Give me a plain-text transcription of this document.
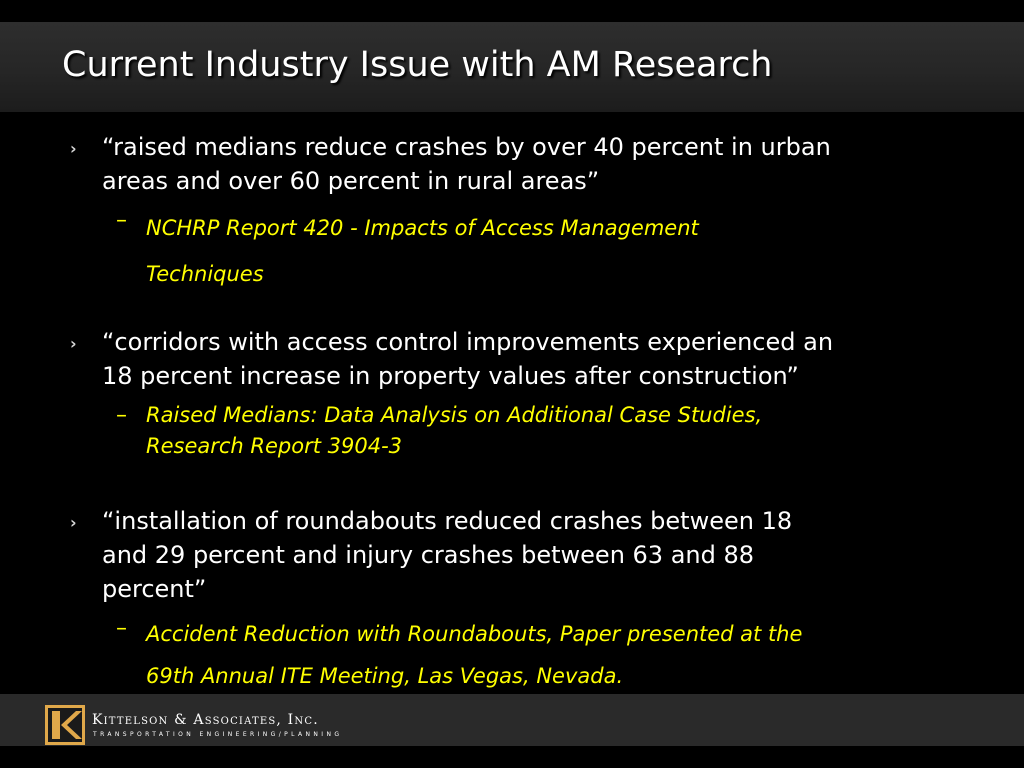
Current Industry Issue with AM Research
› “raised medians reduce crashes by over 40 percent in urban
areas and over 60 percent in rural areas”

– NCHRP Report 420 - Impacts of Access Management
Techniques

› “corridors with access control improvements experienced an
18 percent increase in property values after construction”

– Raised Medians: Data Analysis on Additional Case Studies,
Research Report 3904-3

› “installation of roundabouts reduced crashes between 18
and 29 percent and injury crashes between 63 and 88
percent”

– Accident Reduction with Roundabouts, Paper presented at the
69th Annual ITE Meeting, Las Vegas, Nevada.

Kittelson & Associates, Inc.
TRANSPORTATION ENGINEERING/PLANNING
